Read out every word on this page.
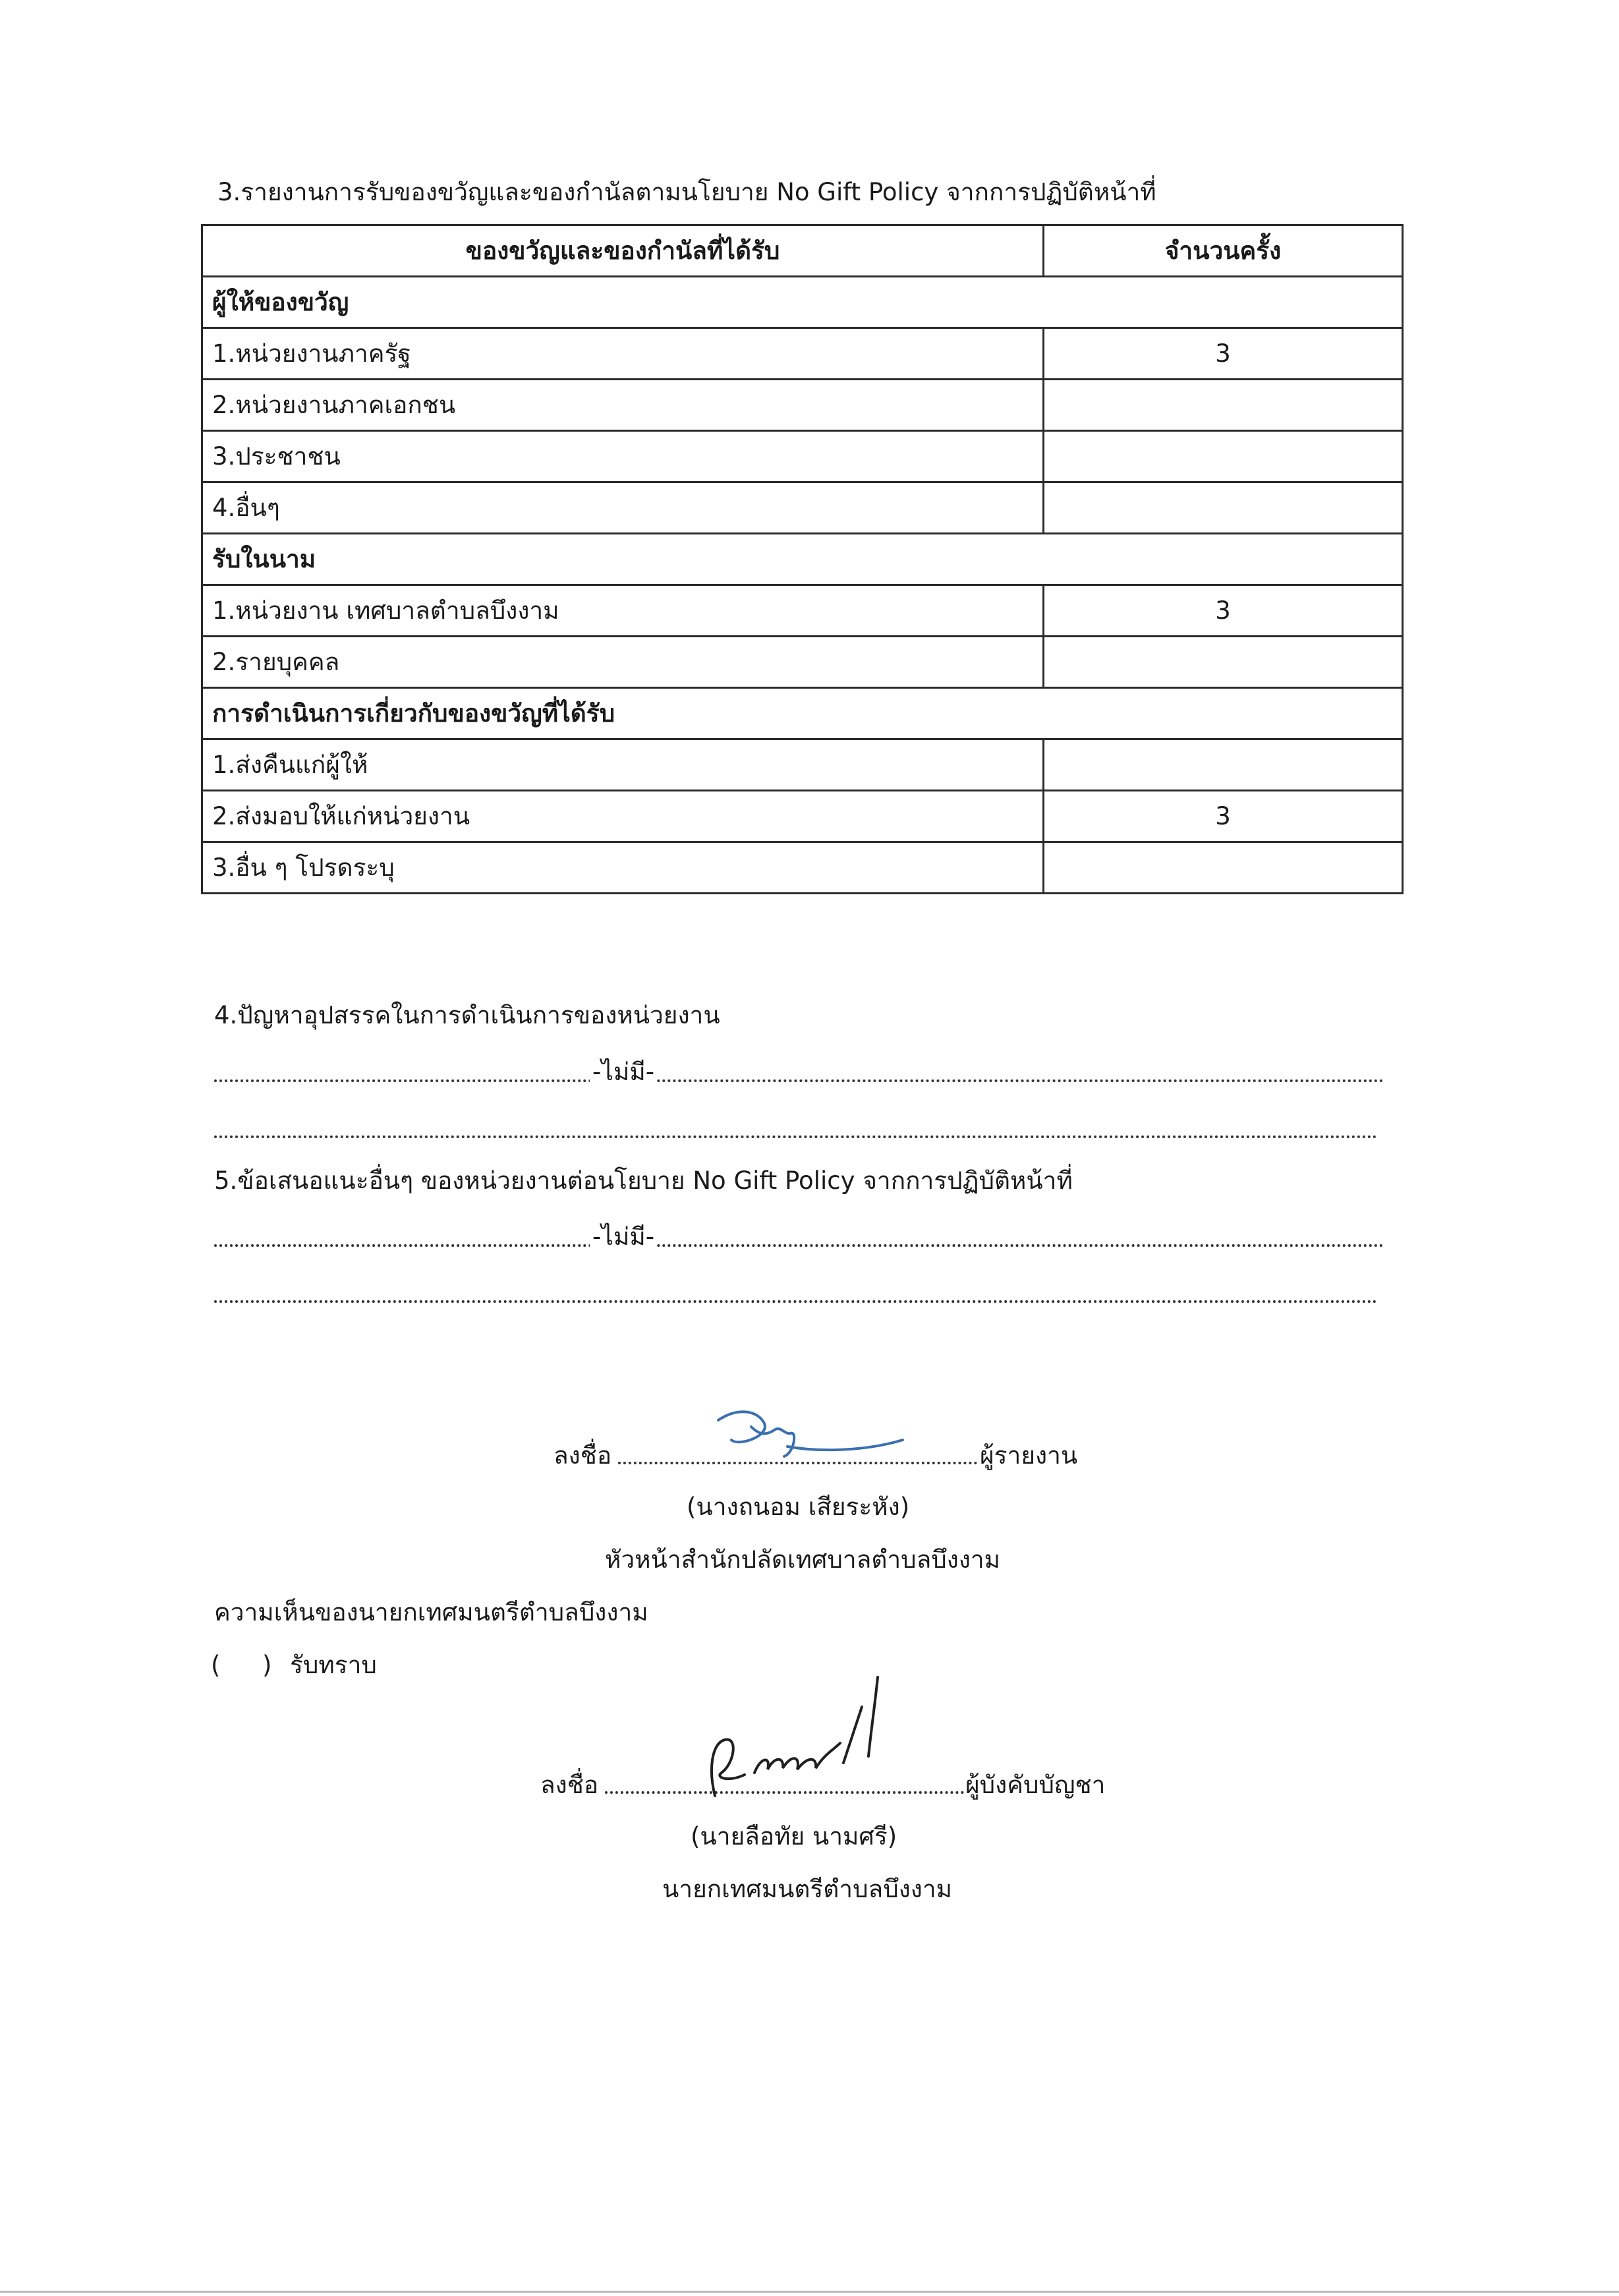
3.รายงานการรับของขวัญและของกำนัลตามนโยบาย No Gift Policy จากการปฏิบัติหน้าที่
ของขวัญและของกำนัลที่ได้รับ	จำนวนครั้ง
ผู้ให้ของขวัญ	
1.หน่วยงานภาครัฐ	3
2.หน่วยงานภาคเอกชน	
3.ประชาชน	
4.อื่นๆ	
รับในนาม	
1.หน่วยงาน เทศบาลตำบลบึงงาม	3
2.รายบุคคล	
การดำเนินการเกี่ยวกับของขวัญที่ได้รับ	
1.ส่งคืนแก่ผู้ให้	
2.ส่งมอบให้แก่หน่วยงาน	3
3.อื่น ๆ โปรดระบุ	
4.ปัญหาอุปสรรคในการดำเนินการของหน่วยงาน
-ไม่มี-
5.ข้อเสนอแนะอื่นๆ ของหน่วยงานต่อนโยบาย No Gift Policy จากการปฏิบัติหน้าที่
-ไม่มี-
ลงชื่อ	ผู้รายงาน
(นางถนอม เสียระหัง)
หัวหน้าสำนักปลัดเทศบาลตำบลบึงงาม
ความเห็นของนายกเทศมนตรีตำบลบึงงาม
( ) รับทราบ
ลงชื่อ	ผู้บังคับบัญชา
(นายลือทัย นามศรี)
นายกเทศมนตรีตำบลบึงงาม
